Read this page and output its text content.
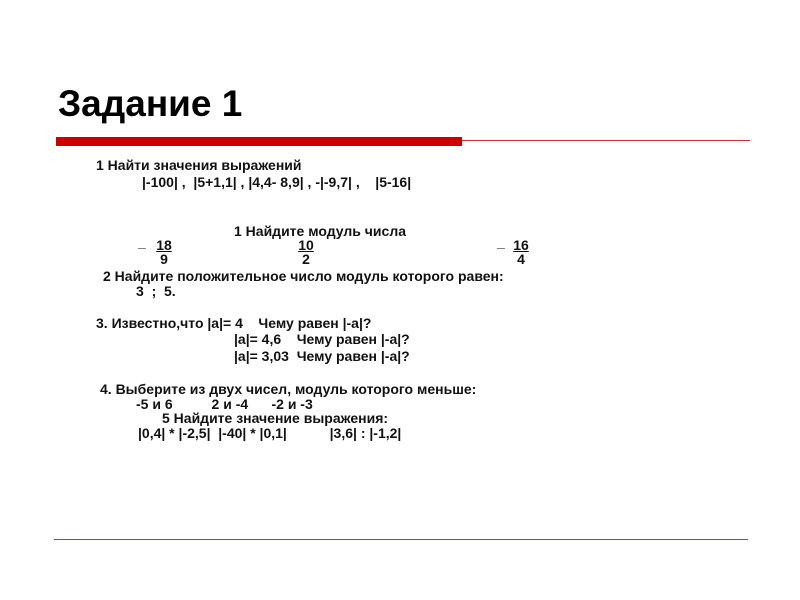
Задание 1
1 Найти значения выражений
|-100| ,  |5+1,1| , |4,4- 8,9| , -|-9,7| ,    |5-16|
1 Найдите модуль числа
_ $\frac{18}{9}$	$\frac{10}{2}$	_ $\frac{16}{4}$
2 Найдите положительное число модуль которого равен:
3  ;  5.
3. Известно,что |a|= 4    Чему равен |-a|?
|a|= 4,6    Чему равен |-a|?
|a|= 3,03  Чему равен |-a|?
4. Выберите из двух чисел, модуль которого меньше:
-5 и 6          2 и -4      -2 и -3
5 Найдите значение выражения:
|0,4| * |-2,5|  |-40| * |0,1|           |3,6| : |-1,2|
